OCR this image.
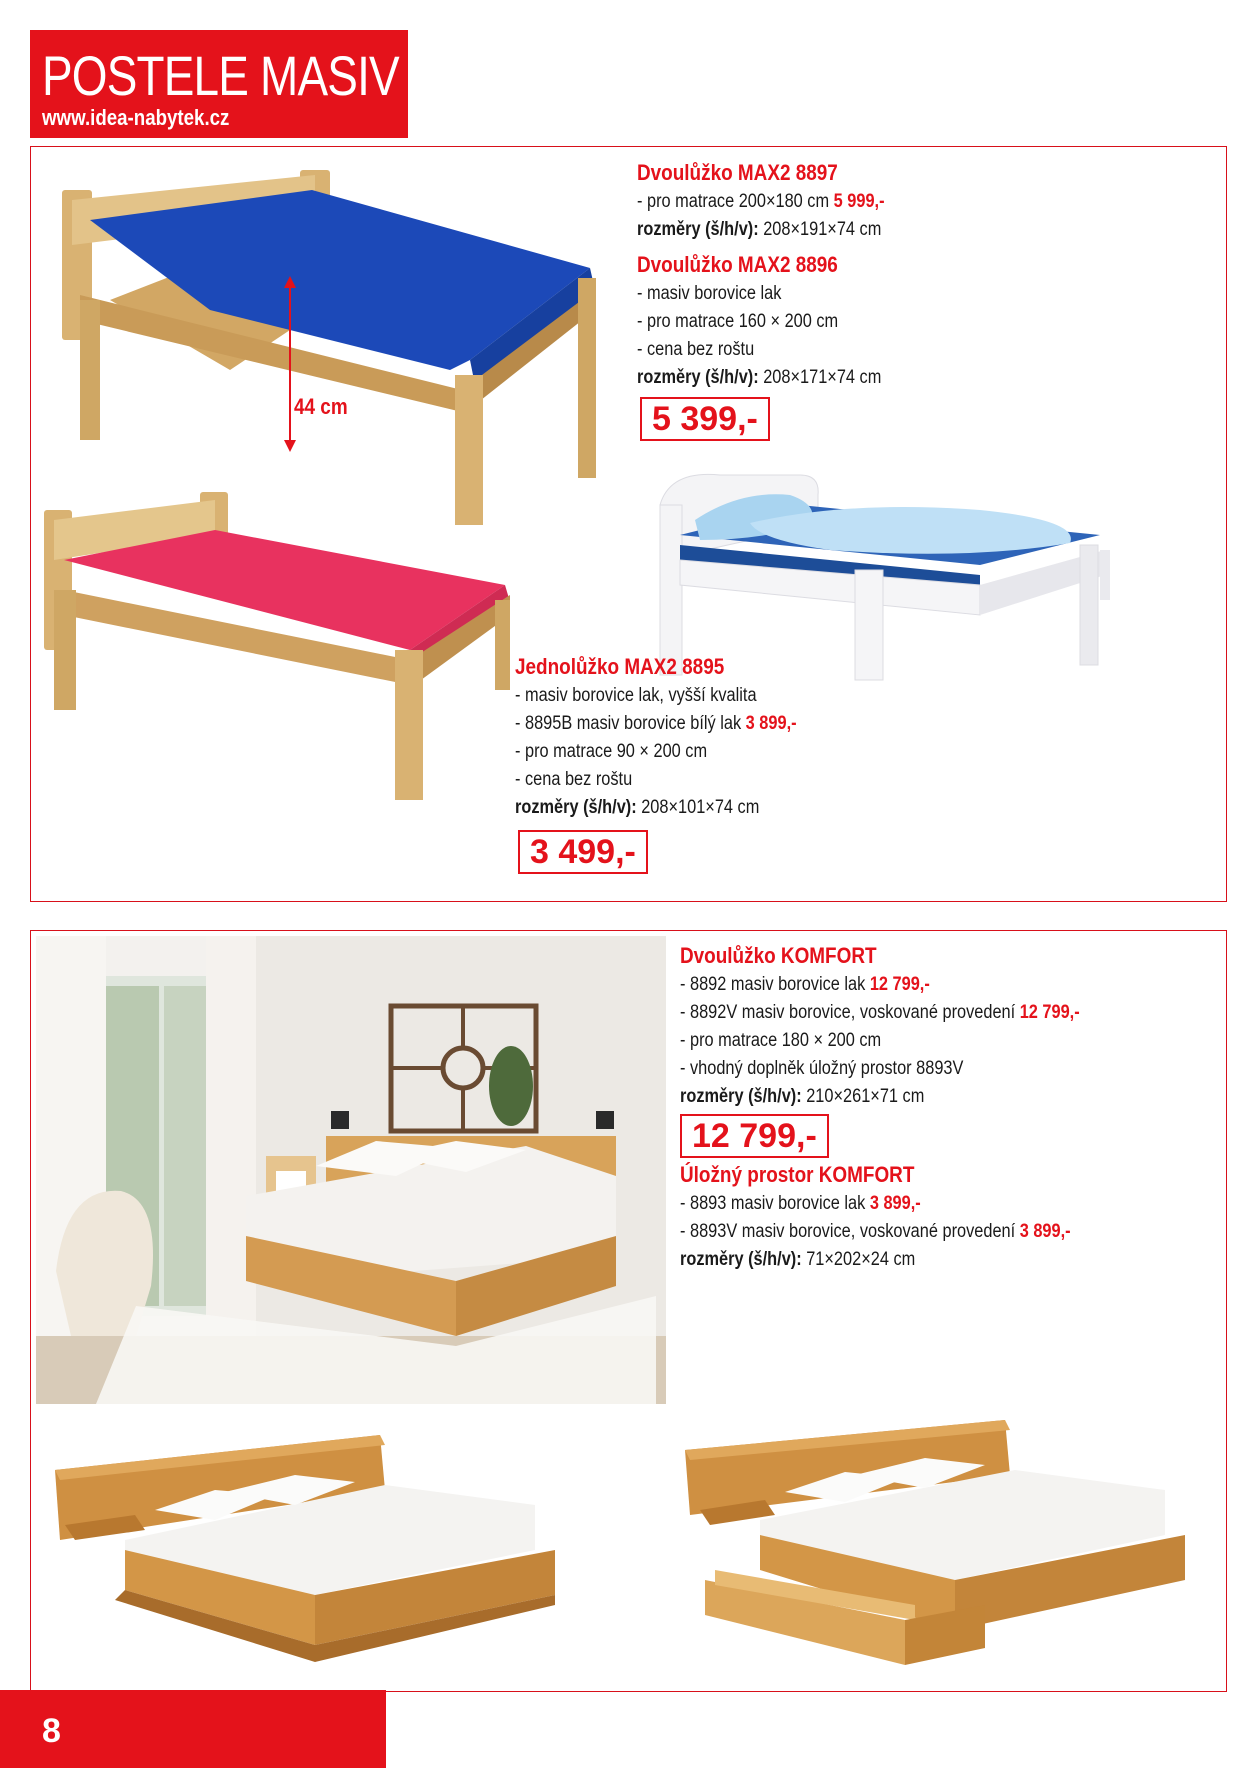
POSTELE MASIV
www.idea-nabytek.cz
44 cm
Dvoulůžko MAX2 8897
- pro matrace 200×180 cm 5 999,-
rozměry (š/h/v): 208×191×74 cm
Dvoulůžko MAX2 8896
- masiv borovice lak
- pro matrace 160 × 200 cm
- cena bez roštu
rozměry (š/h/v): 208×171×74 cm
5 399,-
Jednolůžko MAX2 8895
- masiv borovice lak, vyšší kvalita
- 8895B masiv borovice bílý lak 3 899,-
- pro matrace 90 × 200 cm
- cena bez roštu
rozměry (š/h/v): 208×101×74 cm
3 499,-
Dvoulůžko KOMFORT
- 8892 masiv borovice lak 12 799,-
- 8892V masiv borovice, voskované provedení 12 799,-
- pro matrace 180 × 200 cm
- vhodný doplněk úložný prostor 8893V
rozměry (š/h/v): 210×261×71 cm
12 799,-
Úložný prostor KOMFORT
- 8893 masiv borovice lak 3 899,-
- 8893V masiv borovice, voskované provedení 3 899,-
rozměry (š/h/v): 71×202×24 cm
8
